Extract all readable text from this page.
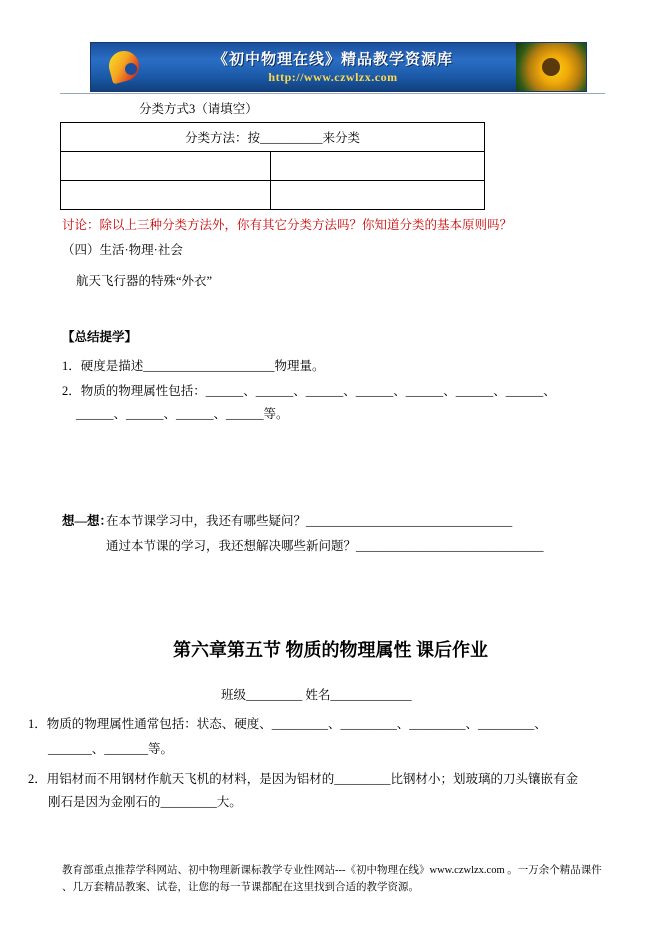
《初中物理在线》精品教学资源库
http://www.czwlzx.com
分类方式3（请填空）
分类方法：按__________来分类	

讨论：除以上三种分类方法外，你有其它分类方法吗？你知道分类的基本原则吗？
（四）生活·物理·社会
航天飞行器的特殊“外衣”
【总结提学】
1．硬度是描述_____________________物理量。
2．物质的物理属性包括：______、______、______、______、______、______、______、
______、______、______、______等。
想—想：
在本节课学习中，我还有哪些疑问？_________________________________
通过本节课的学习，我还想解决哪些新问题？______________________________
第六章第五节 物质的物理属性 课后作业
班级_________ 姓名_____________
1．物质的物理属性通常包括：状态、硬度、_________、_________、_________、_________、
_______、_______等。
2．用铝材而不用钢材作航天飞机的材料，是因为铝材的_________比钢材小；划玻璃的刀头镶嵌有金
刚石是因为金刚石的_________大。
教育部重点推荐学科网站、初中物理新课标教学专业性网站---《初中物理在线》www.czwlzx.com 。一万余个精品课件
、几万套精品教案、试卷，让您的每一节课都配在这里找到合适的教学资源。
